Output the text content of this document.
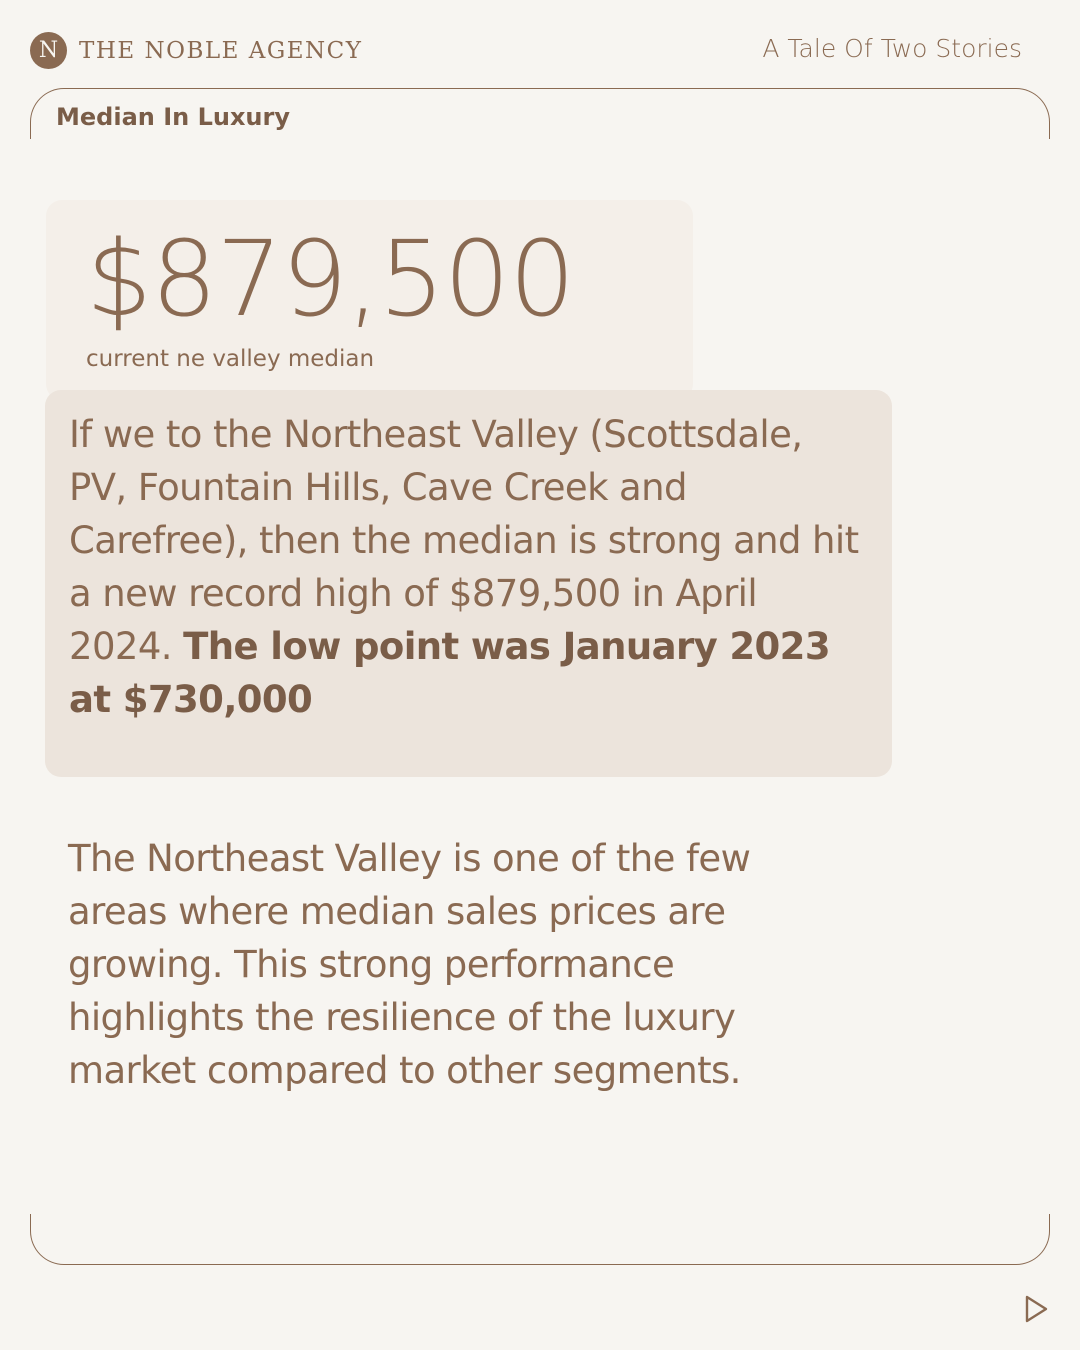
N THE NOBLE AGENCY	A Tale Of Two Stories
Median In Luxury
$879,500
current ne valley median

If we to the Northeast Valley (Scottsdale, PV, Fountain Hills, Cave Creek and Carefree), then the median is strong and hit a new record high of $879,500 in April 2024. The low point was January 2023 at $730,000

The Northeast Valley is one of the few areas where median sales prices are growing. This strong performance highlights the resilience of the luxury market compared to other segments.
